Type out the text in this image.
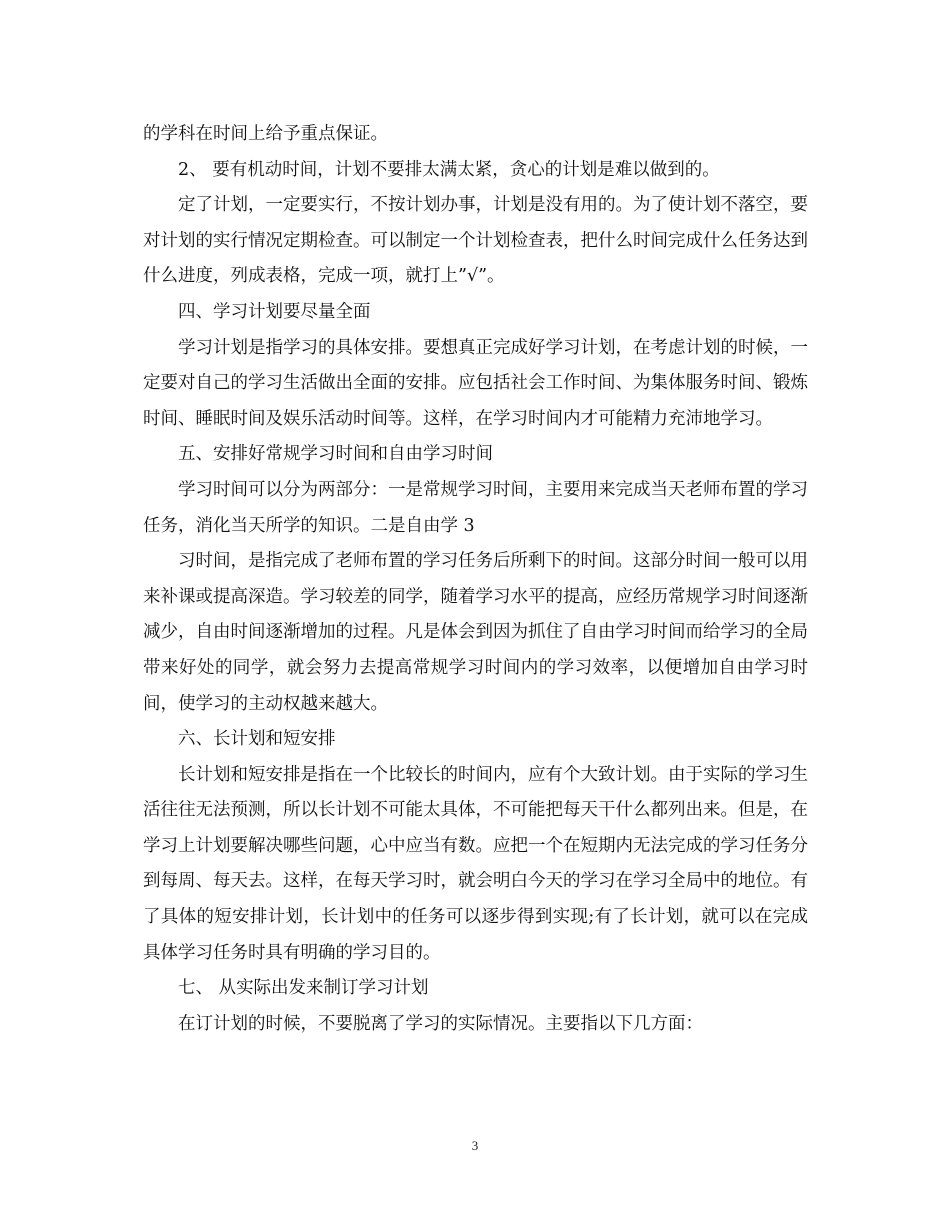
的学科在时间上给予重点保证。

2、 要有机动时间，计划不要排太满太紧，贪心的计划是难以做到的。

定了计划，一定要实行，不按计划办事，计划是没有用的。为了使计划不落空，要对计划的实行情况定期检查。可以制定一个计划检查表，把什么时间完成什么任务达到什么进度，列成表格，完成一项，就打上”√”。

四、学习计划要尽量全面

学习计划是指学习的具体安排。要想真正完成好学习计划，在考虑计划的时候，一定要对自己的学习生活做出全面的安排。应包括社会工作时间、为集体服务时间、锻炼时间、睡眠时间及娱乐活动时间等。这样，在学习时间内才可能精力充沛地学习。

五、安排好常规学习时间和自由学习时间

学习时间可以分为两部分：一是常规学习时间，主要用来完成当天老师布置的学习任务，消化当天所学的知识。二是自由学 3

习时间，是指完成了老师布置的学习任务后所剩下的时间。这部分时间一般可以用来补课或提高深造。学习较差的同学，随着学习水平的提高，应经历常规学习时间逐渐减少，自由时间逐渐增加的过程。凡是体会到因为抓住了自由学习时间而给学习的全局带来好处的同学，就会努力去提高常规学习时间内的学习效率，以便增加自由学习时间，使学习的主动权越来越大。

六、长计划和短安排

长计划和短安排是指在一个比较长的时间内，应有个大致计划。由于实际的学习生活往往无法预测，所以长计划不可能太具体，不可能把每天干什么都列出来。但是，在学习上计划要解决哪些问题，心中应当有数。应把一个在短期内无法完成的学习任务分到每周、每天去。这样，在每天学习时，就会明白今天的学习在学习全局中的地位。有了具体的短安排计划，长计划中的任务可以逐步得到实现;有了长计划，就可以在完成具体学习任务时具有明确的学习目的。

七、 从实际出发来制订学习计划

在订计划的时候，不要脱离了学习的实际情况。主要指以下几方面：

3
